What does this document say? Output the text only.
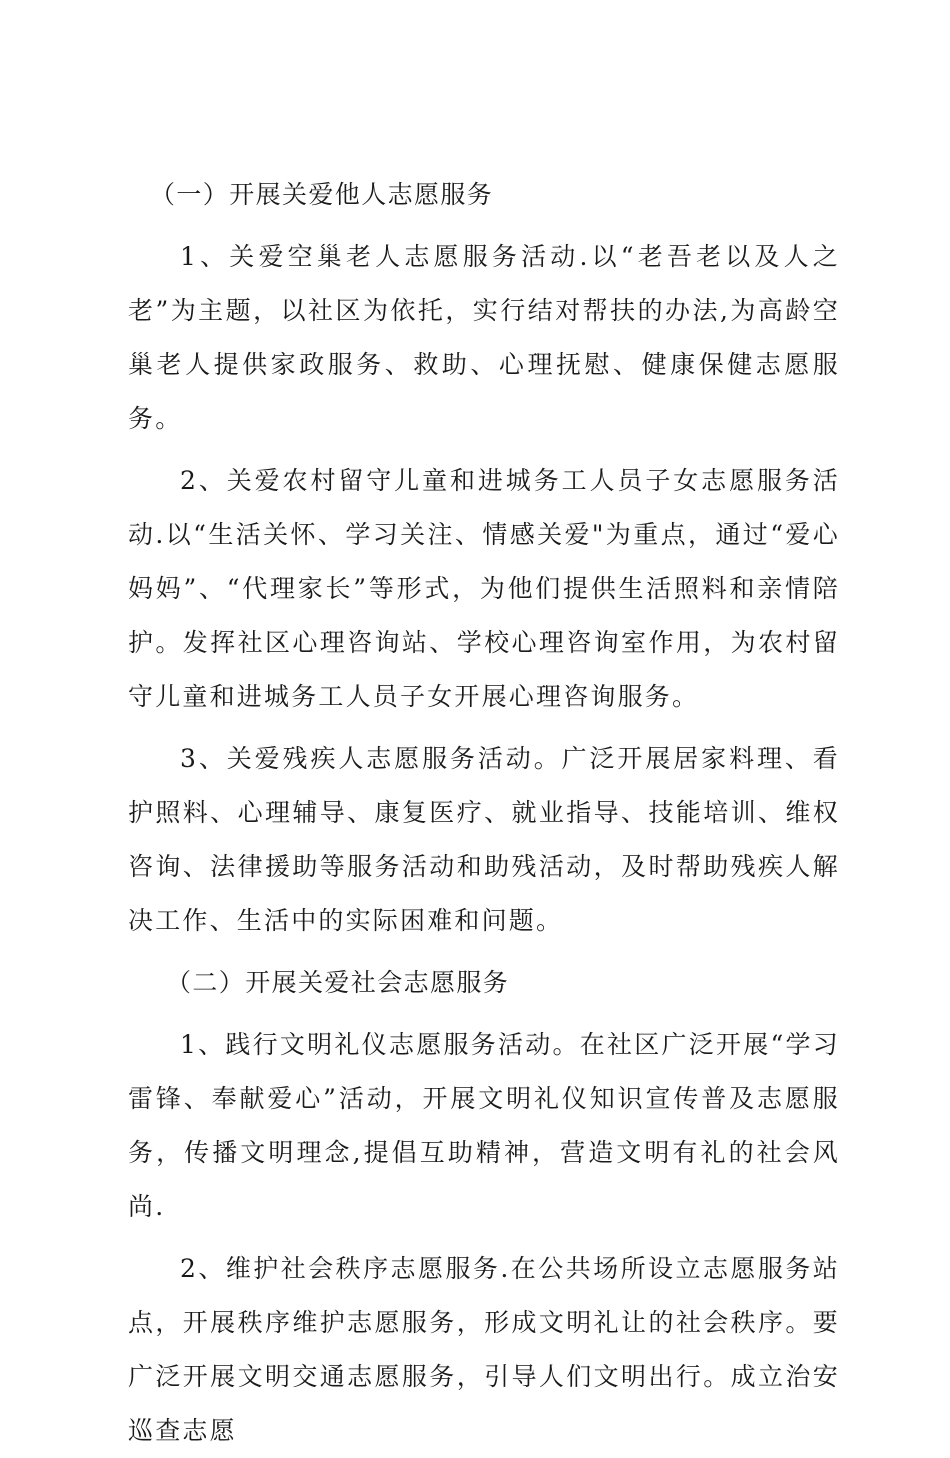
（一）开展关爱他人志愿服务

1、关爱空巢老人志愿服务活动.以“老吾老以及人之老”为主题，以社区为依托，实行结对帮扶的办法,为高龄空巢老人提供家政服务、救助、心理抚慰、健康保健志愿服务。

2、关爱农村留守儿童和进城务工人员子女志愿服务活动.以“生活关怀、学习关注、情感关爱"为重点，通过“爱心妈妈”、“代理家长”等形式，为他们提供生活照料和亲情陪护。发挥社区心理咨询站、学校心理咨询室作用，为农村留守儿童和进城务工人员子女开展心理咨询服务。

3、关爱残疾人志愿服务活动。广泛开展居家料理、看护照料、心理辅导、康复医疗、就业指导、技能培训、维权咨询、法律援助等服务活动和助残活动，及时帮助残疾人解决工作、生活中的实际困难和问题。

（二）开展关爱社会志愿服务

1、践行文明礼仪志愿服务活动。在社区广泛开展“学习雷锋、奉献爱心”活动，开展文明礼仪知识宣传普及志愿服务，传播文明理念,提倡互助精神，营造文明有礼的社会风尚.

2、维护社会秩序志愿服务.在公共场所设立志愿服务站点，开展秩序维护志愿服务，形成文明礼让的社会秩序。要广泛开展文明交通志愿服务，引导人们文明出行。成立治安巡查志愿
